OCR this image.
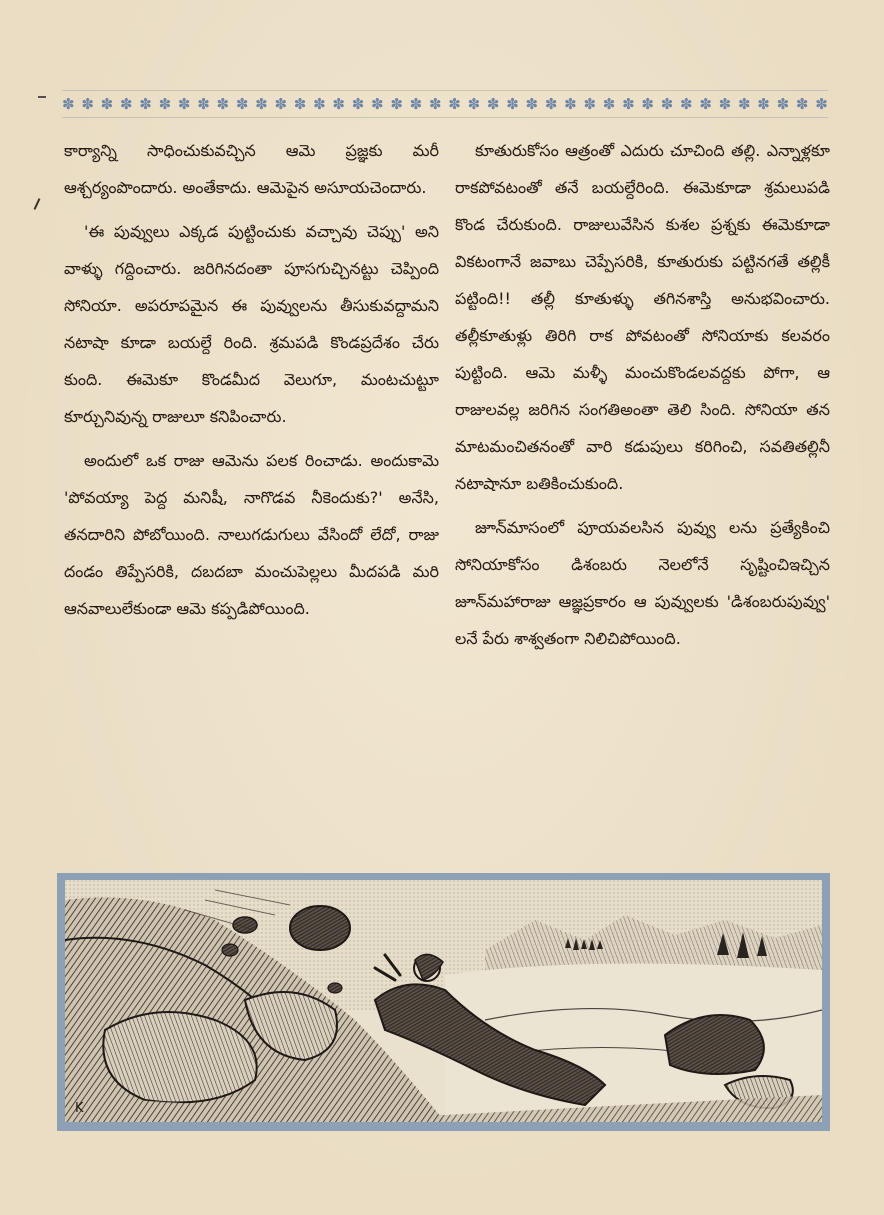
✽ ✽ ✽ ✽ ✽ ✽ ✽ ✽ ✽ ✽ ✽ ✽ ✽ ✽ ✽ ✽ ✽ ✽ ✽ ✽ ✽ ✽ ✽ ✽ ✽ ✽ ✽ ✽ ✽ ✽ ✽ ✽ ✽ ✽ ✽ ✽ ✽ ✽ ✽ ✽

కార్యాన్ని సాధించుకువచ్చిన ఆమె ప్రజ్ఞకు మరీ ఆశ్చర్యంపొందారు. అంతేకాదు. ఆమెపైన అసూయచెందారు.

'ఈ పువ్వులు ఎక్కడ పుట్టించుకు వచ్చావు చెప్పు' అని వాళ్ళు గద్దించారు. జరిగినదంతా పూసగుచ్చినట్టు చెప్పింది సోనియా. అపరూపమైన ఈ పువ్వులను తీసుకువద్దామని నటాషా కూడా బయల్దే రింది. శ్రమపడి కొండప్రదేశం చేరు కుంది. ఈమెకూ కొండమీద వెలుగూ, మంటచుట్టూ కూర్చునివున్న రాజులూ కనిపించారు.

అందులో ఒక రాజు ఆమెను పలక రించాడు. అందుకామె 'పోవయ్యా పెద్ద మనిషీ, నాగొడవ నీకెందుకు?' అనేసి, తనదారిని పోబోయింది. నాలుగడుగులు వేసిందో లేదో, రాజు దండం తిప్పేసరికి, దబదబా మంచుపెల్లలు మీదపడి మరి ఆనవాలులేకుండా ఆమె కప్పడిపోయింది.

కూతురుకోసం ఆత్రంతో ఎదురు చూచింది తల్లి. ఎన్నాళ్లకూ రాకపోవటంతో తనే బయల్దేరింది. ఈమెకూడా శ్రమలుపడి కొండ చేరుకుంది. రాజులువేసిన కుశల ప్రశ్నకు ఈమెకూడా వికటంగానే జవాబు చెప్పేసరికి, కూతురుకు పట్టినగతే తల్లికీ పట్టింది!! తల్లీ కూతుళ్ళు తగినశాస్తి అనుభవించారు. తల్లీకూతుళ్లు తిరిగి రాక పోవటంతో సోనియాకు కలవరం పుట్టింది. ఆమె మళ్ళీ మంచుకొండలవద్దకు పోగా, ఆ రాజులవల్ల జరిగిన సంగతిఅంతా తెలి సింది. సోనియా తన మాటమంచితనంతో వారి కడుపులు కరిగించి, సవతితల్లినీ నటాషానూ బతికించుకుంది.

జూన్‌మాసంలో పూయవలసిన పువ్వు లను ప్రత్యేకించి సోనియాకోసం డిశంబరు నెలలోనే సృష్టించిఇచ్చిన జూన్‌మహారాజు ఆజ్ఞప్రకారం ఆ పువ్వులకు 'డిశంబరుపువ్వు' లనే పేరు శాశ్వతంగా నిలిచిపోయింది.

K
